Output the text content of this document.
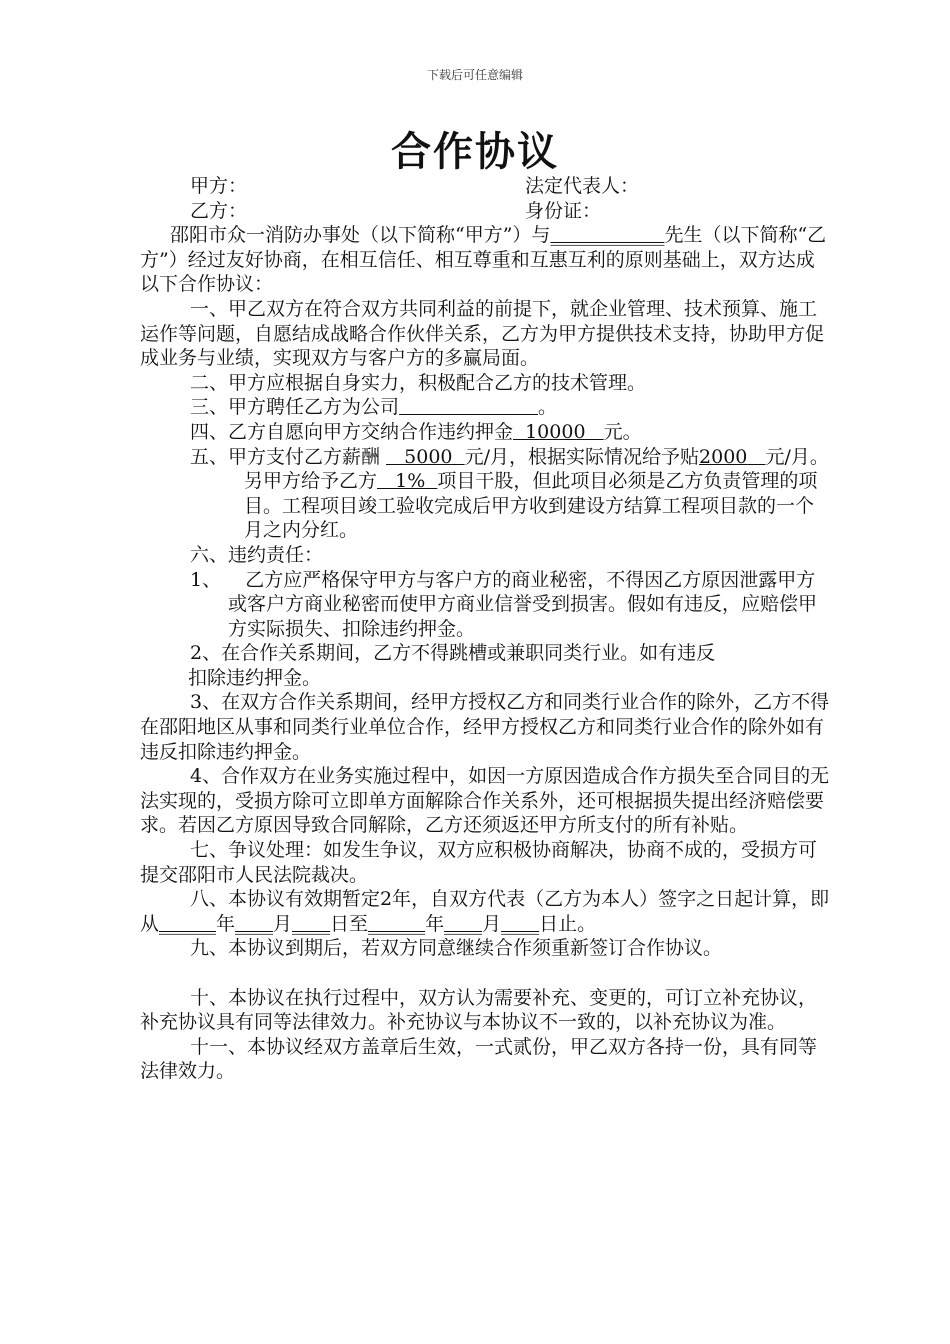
下载后可任意编辑
合作协议
甲方：	法定代表人：
乙方：	身份证：

邵阳市众一消防办事处（以下简称“甲方”）与____________先生（以下简称“乙方”）经过友好协商，在相互信任、相互尊重和互惠互利的原则基础上，双方达成以下合作协议：

一、甲乙双方在符合双方共同利益的前提下，就企业管理、技术预算、施工运作等问题，自愿结成战略合作伙伴关系，乙方为甲方提供技术支持，协助甲方促成业务与业绩，实现双方与客户方的多赢局面。

二、甲方应根据自身实力，积极配合乙方的技术管理。

三、甲方聘任乙方为公司	。

四、乙方自愿向甲方交纳合作违约押金  10000   元。

五、甲方支付乙方薪酬    5000  元/月，根据实际情况给予贴2000   元/月。另甲方给予乙方   1%  项目干股，但此项目必须是乙方负责管理的项目。工程项目竣工验收完成后甲方收到建设方结算工程项目款的一个月之内分红。

六、违约责任：

1、 乙方应严格保守甲方与客户方的商业秘密，不得因乙方原因泄露甲方或客户方商业秘密而使甲方商业信誉受到损害。假如有违反，应赔偿甲方实际损失、扣除违约押金。

2、在合作关系期间，乙方不得跳槽或兼职同类行业。如有违反

扣除违约押金。

3、在双方合作关系期间，经甲方授权乙方和同类行业合作的除外，乙方不得在邵阳地区从事和同类行业单位合作，经甲方授权乙方和同类行业合作的除外如有违反扣除违约押金。

4、合作双方在业务实施过程中，如因一方原因造成合作方损失至合同目的无法实现的，受损方除可立即单方面解除合作关系外，还可根据损失提出经济赔偿要求。若因乙方原因导致合同解除，乙方还须返还甲方所支付的所有补贴。

七、争议处理：如发生争议，双方应积极协商解决，协商不成的，受损方可提交邵阳市人民法院裁决。

八、本协议有效期暂定2年，自双方代表（乙方为本人）签字之日起计算，即从______年____月____日至______年____月____日止。

九、本协议到期后，若双方同意继续合作须重新签订合作协议。

十、本协议在执行过程中，双方认为需要补充、变更的，可订立补充协议，补充协议具有同等法律效力。补充协议与本协议不一致的，以补充协议为准。

十一、本协议经双方盖章后生效，一式贰份，甲乙双方各持一份，具有同等法律效力。
